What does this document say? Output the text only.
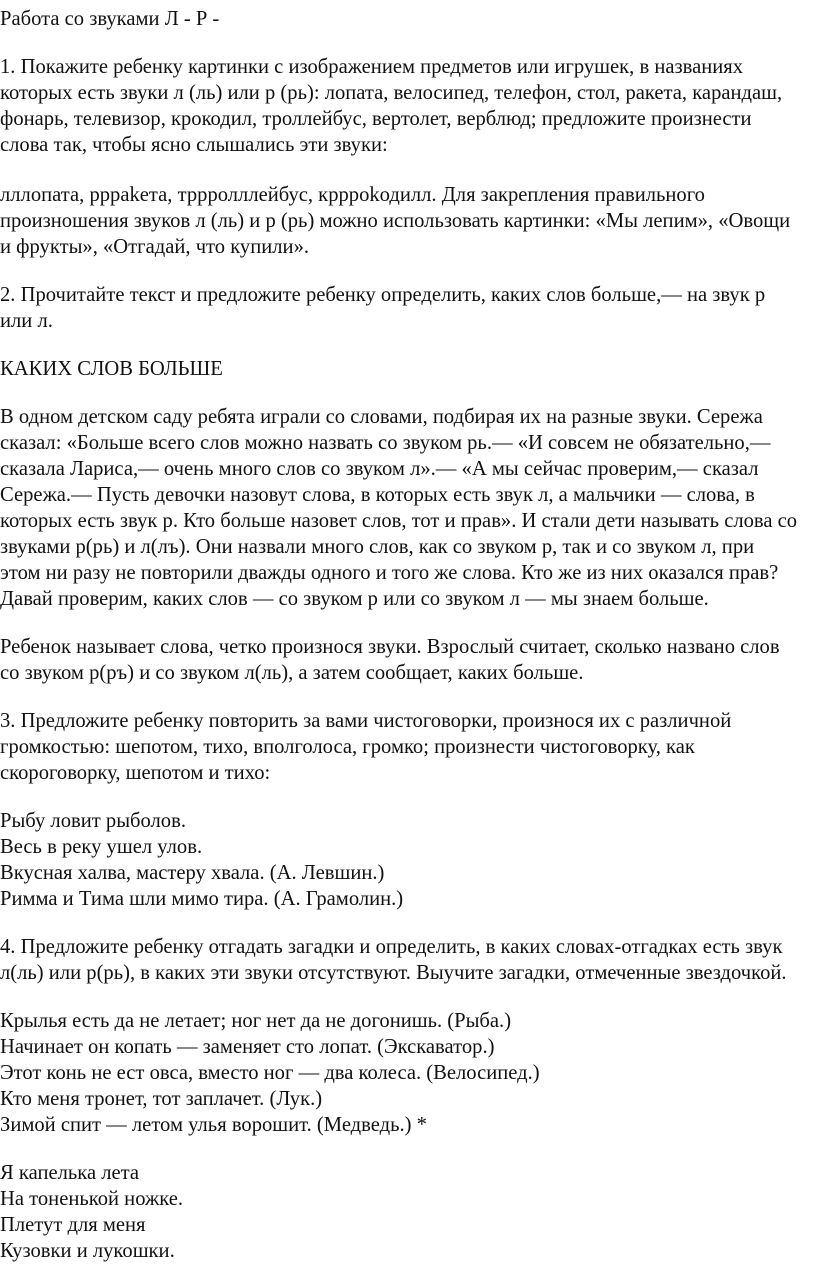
Работа со звуками Л - Р -
1. Покажите ребенку картинки с изображением предметов или игрушек, в названиях
которых есть звуки л (ль) или р (рь): лопата, велосипед, телефон, стол, ракета, карандаш,
фонарь, телевизор, крокодил, троллейбус, вертолет, верблюд; предложите произнести
слова так, чтобы ясно слышались эти звуки:
лллопата, рррakета, тррролллейбус, кррроkодилл. Для закрепления правильного
произношения звуков л (ль) и р (рь) можно использовать картинки: «Мы лепим», «Овощи
и фрукты», «Отгадай, что купили».
2. Прочитайте текст и предложите ребенку определить, каких слов больше,— на звук р
или л.
КАКИХ СЛОВ БОЛЬШЕ
В одном детском саду ребята играли со словами, подбирая их на разные звуки. Сережа
сказал: «Больше всего слов можно назвать со звуком рь.— «И совсем не обязательно,—
сказала Лариса,— очень много слов со звуком л».— «А мы сейчас проверим,— сказал
Сережа.— Пусть девочки назовут слова, в которых есть звук л, а мальчики — слова, в
которых есть звук р. Кто больше назовет слов, тот и прав». И стали дети называть слова со
звуками р(рь) и л(лъ). Они назвали много слов, как со звуком р, так и со звуком л, при
этом ни разу не повторили дважды одного и того же слова. Кто же из них оказался прав?
Давай проверим, каких слов — со звуком р или со звуком л — мы знаем больше.
Ребенок называет слова, четко произнося звуки. Взрослый считает, сколько названо слов
со звуком р(ръ) и со звуком л(ль), а затем сообщает, каких больше.
3. Предложите ребенку повторить за вами чистоговорки, произнося их с различной
громкостью: шепотом, тихо, вполголоса, громко; произнести чистоговорку, как
скороговорку, шепотом и тихо:
Рыбу ловит рыболов.
Весь в реку ушел улов.
Вкусная халва, мастеру хвала. (А. Левшин.)
Римма и Тима шли мимо тира. (А. Грамолин.)
4. Предложите ребенку отгадать загадки и определить, в каких словах-отгадках есть звук
л(ль) или р(рь), в каких эти звуки отсутствуют. Выучите загадки, отмеченные звездочкой.
Крылья есть да не летает; ног нет да не догонишь. (Рыба.)
Начинает он копать — заменяет сто лопат. (Экскаватор.)
Этот конь не ест овса, вместо ног — два колеса. (Велосипед.)
Кто меня тронет, тот заплачет. (Лук.)
Зимой спит — летом улья ворошит. (Медведь.) *
Я капелька лета
На тоненькой ножке.
Плетут для меня
Кузовки и лукошки.
